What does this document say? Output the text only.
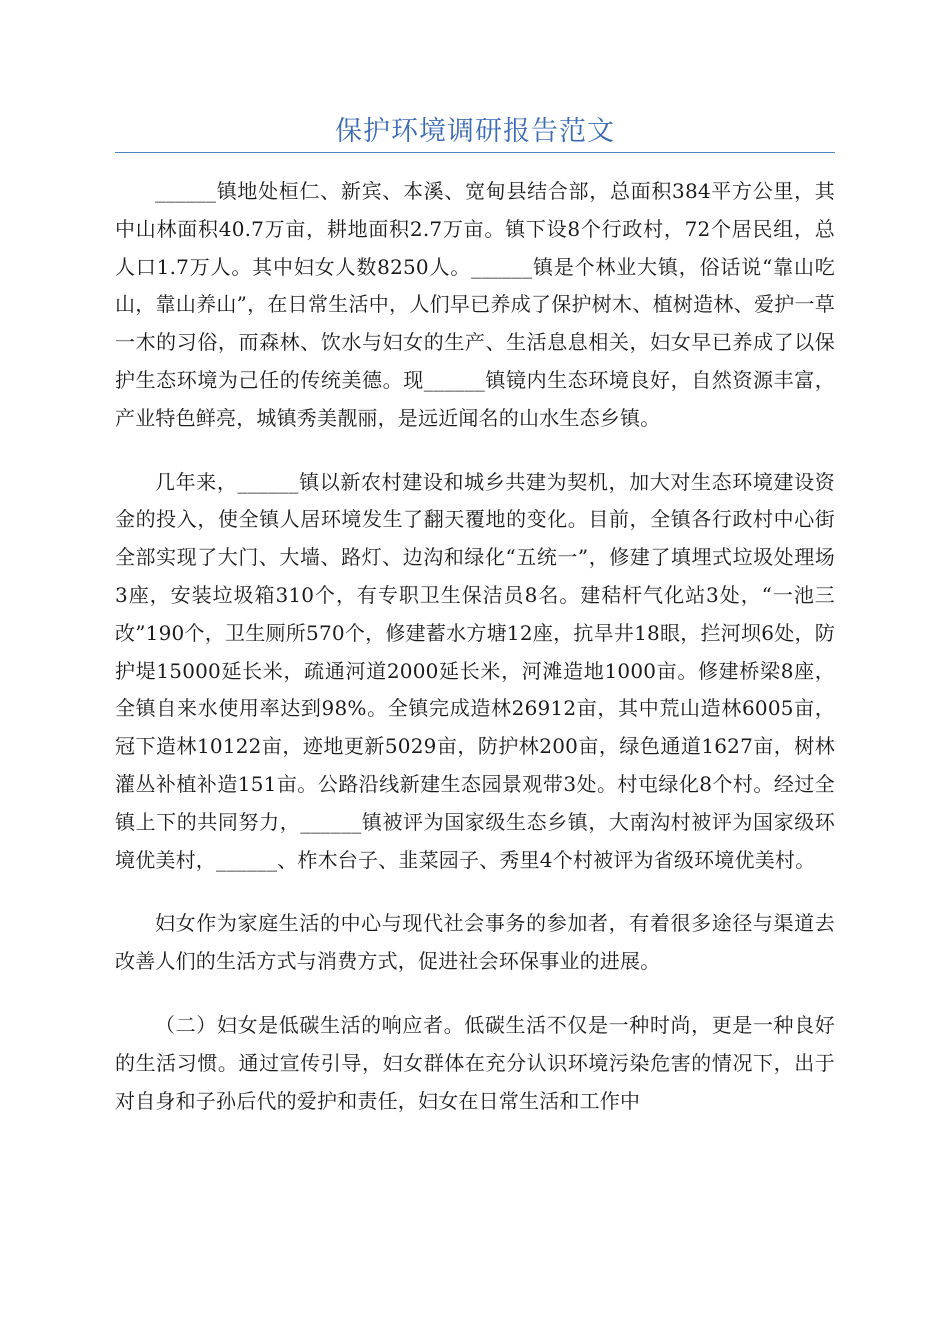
保护环境调研报告范文

______镇地处桓仁、新宾、本溪、宽甸县结合部，总面积384平方公里，其中山林面积40.7万亩，耕地面积2.7万亩。镇下设8个行政村，72个居民组，总人口1.7万人。其中妇女人数8250人。______镇是个林业大镇，俗话说“靠山吃山，靠山养山”，在日常生活中，人们早已养成了保护树木、植树造林、爱护一草一木的习俗，而森林、饮水与妇女的生产、生活息息相关，妇女早已养成了以保护生态环境为己任的传统美德。现______镇镜内生态环境良好，自然资源丰富，产业特色鲜亮，城镇秀美靓丽，是远近闻名的山水生态乡镇。

几年来，______镇以新农村建设和城乡共建为契机，加大对生态环境建设资金的投入，使全镇人居环境发生了翻天覆地的变化。目前，全镇各行政村中心街全部实现了大门、大墙、路灯、边沟和绿化“五统一”，修建了填埋式垃圾处理场3座，安装垃圾箱310个，有专职卫生保洁员8名。建秸杆气化站3处，“一池三改”190个，卫生厕所570个，修建蓄水方塘12座，抗旱井18眼，拦河坝6处，防护堤15000延长米，疏通河道2000延长米，河滩造地1000亩。修建桥梁8座，全镇自来水使用率达到98%。全镇完成造林26912亩，其中荒山造林6005亩，冠下造林10122亩，迹地更新5029亩，防护林200亩，绿色通道1627亩，树林灌丛补植补造151亩。公路沿线新建生态园景观带3处。村屯绿化8个村。经过全镇上下的共同努力，______镇被评为国家级生态乡镇，大南沟村被评为国家级环境优美村，______、柞木台子、韭菜园子、秀里4个村被评为省级环境优美村。

妇女作为家庭生活的中心与现代社会事务的参加者，有着很多途径与渠道去改善人们的生活方式与消费方式，促进社会环保事业的进展。

（二）妇女是低碳生活的响应者。低碳生活不仅是一种时尚，更是一种良好的生活习惯。通过宣传引导，妇女群体在充分认识环境污染危害的情况下，出于对自身和子孙后代的爱护和责任，妇女在日常生活和工作中
